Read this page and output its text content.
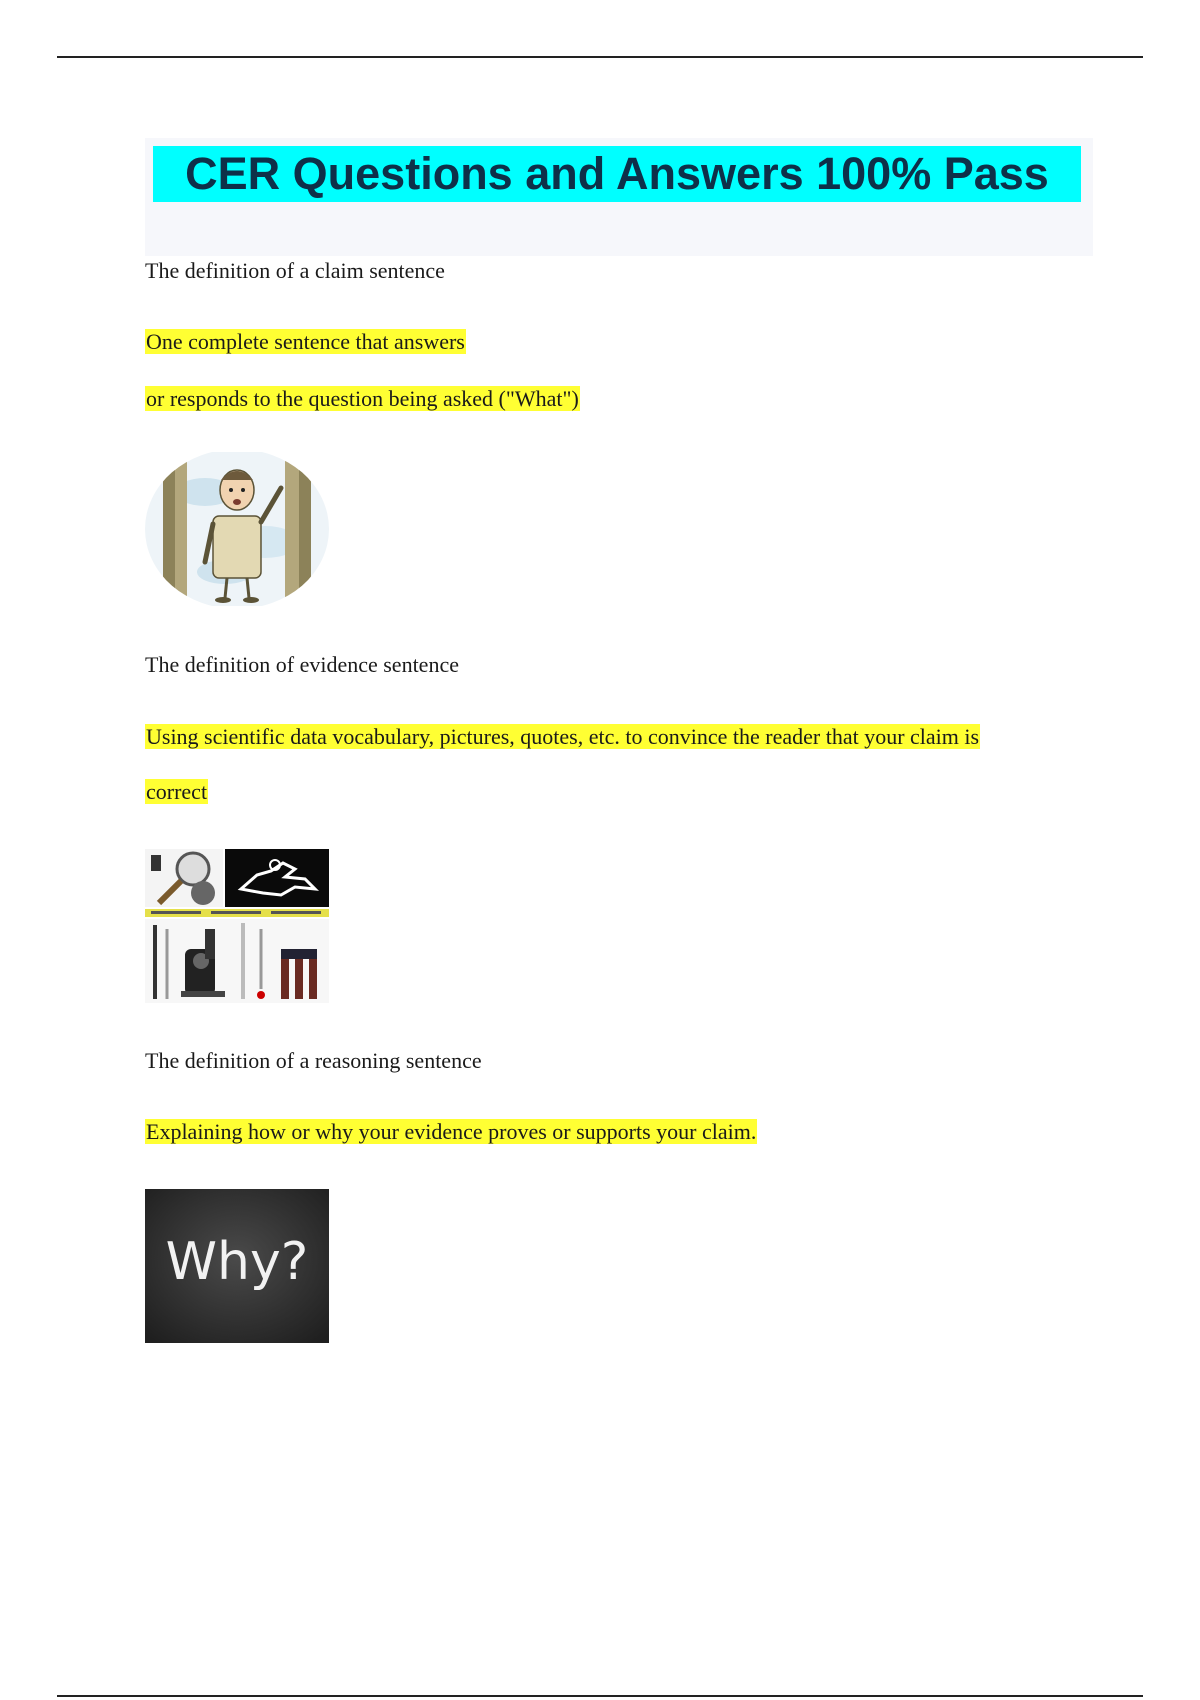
CER Questions and Answers 100% Pass
The definition of a claim sentence
One complete sentence that answers
or responds to the question being asked ("What")
The definition of evidence sentence
Using scientific data vocabulary, pictures, quotes, etc. to convince the reader that your claim is
correct
The definition of a reasoning sentence
Explaining how or why your evidence proves or supports your claim.
Why?
